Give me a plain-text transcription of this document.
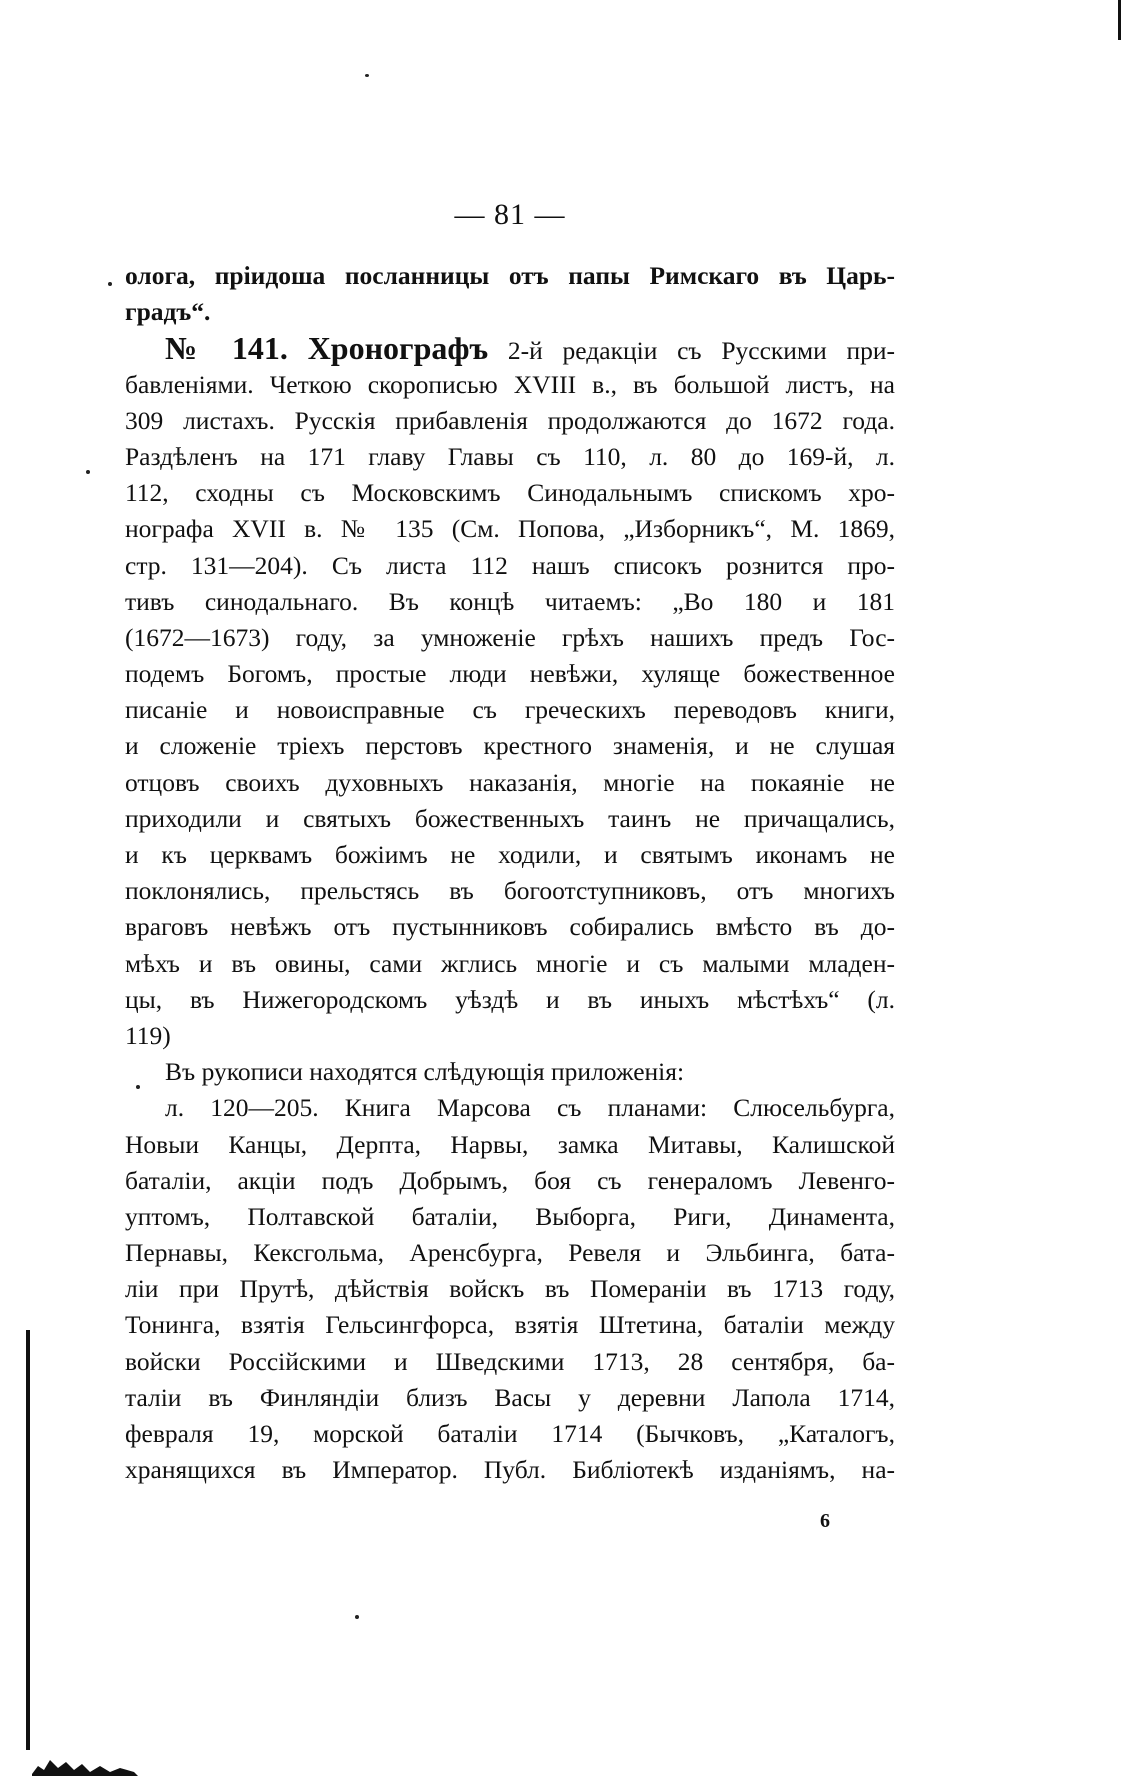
— 81 —
олога, пріидоша посланницы отъ папы Римскаго въ Царь-
градъ“.
№ 141. Хронографъ 2-й редакціи съ Русскими при-
бавленіями. Четкою скорописью XVIII в., въ большой листъ, на
309 листахъ. Русскія прибавленія продолжаются до 1672 года.
Раздѣленъ на 171 главу Главы съ 110, л. 80 до 169-й, л.
112, сходны съ Московскимъ Синодальнымъ спискомъ хро-
нографа XVII в. № 135 (См. Попова, „Изборникъ“, М. 1869,
стр. 131—204). Съ листа 112 нашъ списокъ рознится про-
тивъ синодальнаго. Въ концѣ читаемъ: „Во 180 и 181
(1672—1673) году, за умноженіе грѣхъ нашихъ предъ Гос-
подемъ Богомъ, простые люди невѣжи, хуляще божественное
писаніе и новоисправные съ греческихъ переводовъ книги,
и сложеніе тріехъ перстовъ крестного знаменія, и не слушая
отцовъ своихъ духовныхъ наказанія, многіе на покаяніе не
приходили и святыхъ божественныхъ таинъ не причащались,
и къ церквамъ божіимъ не ходили, и святымъ иконамъ не
поклонялись, прельстясь въ богоотступниковъ, отъ многихъ
враговъ невѣжъ отъ пустынниковъ собирались вмѣсто въ до-
мѣхъ и въ овины, сами жглись многіе и съ малыми младен-
цы, въ Нижегородскомъ уѣздѣ и въ иныхъ мѣстѣхъ“ (л.
119)
Въ рукописи находятся слѣдующія приложенія:
л. 120—205. Книга Марсова съ планами: Слюсельбурга,
Новыи Канцы, Дерпта, Нарвы, замка Митавы, Калишской
баталіи, акціи подъ Добрымъ, боя съ генераломъ Левенго-
уптомъ, Полтавской баталіи, Выборга, Риги, Динамента,
Пернавы, Кексгольма, Аренсбурга, Ревеля и Эльбинга, бата-
ліи при Прутѣ, дѣйствія войскъ въ Помераніи въ 1713 году,
Тонинга, взятія Гельсингфорса, взятія Штетина, баталіи между
войски Россійскими и Шведскими 1713, 28 сентября, ба-
таліи въ Финляндіи близъ Васы у деревни Лапола 1714,
февраля 19, морской баталіи 1714 (Бычковъ, „Каталогъ,
хранящихся въ Император. Публ. Библіотекѣ изданіямъ, на-
6
